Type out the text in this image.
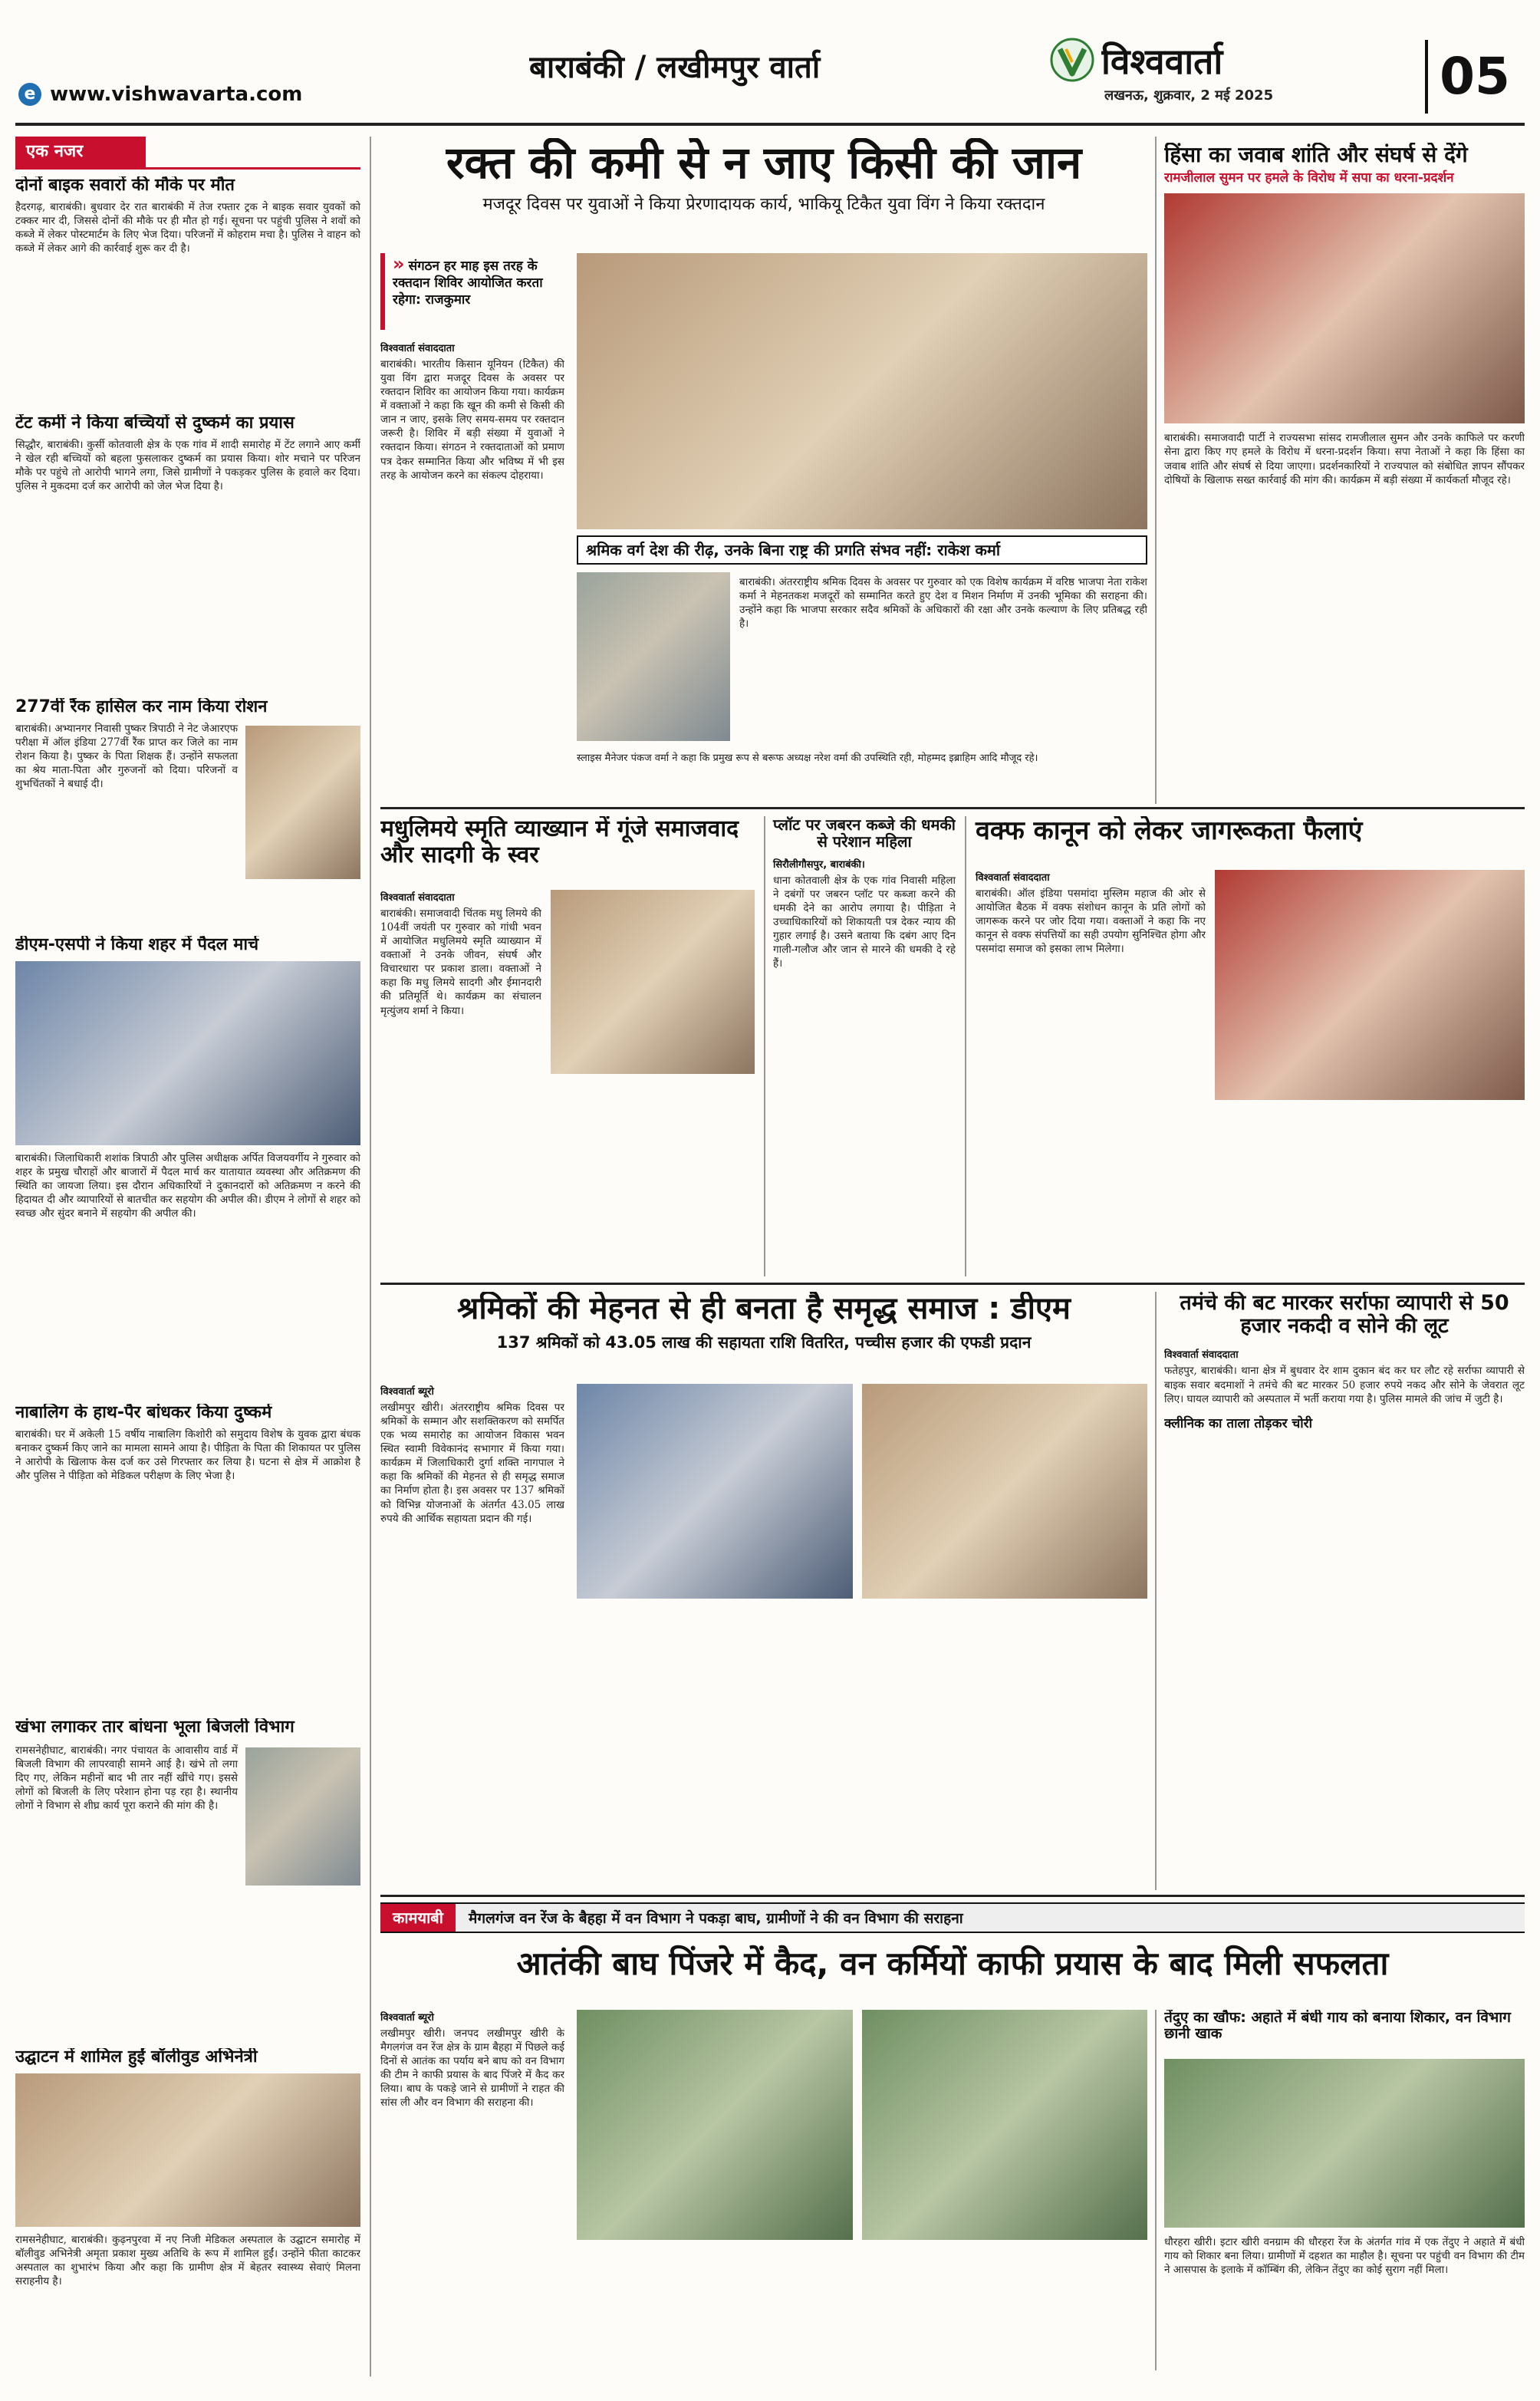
बाराबंकी / लखीमपुर वार्ता
e www.vishwavarta.com
विश्ववार्ता
लखनऊ, शुक्रवार, 2 मई 2025	05
एक नजर
दोनों बाइक सवारों की मौके पर मौत
हैदरगढ़, बाराबंकी। बुधवार देर रात बाराबंकी में तेज रफ्तार ट्रक ने बाइक सवार युवकों को टक्कर मार दी, जिससे दोनों की मौके पर ही मौत हो गई। सूचना पर पहुंची पुलिस ने शवों को कब्जे में लेकर पोस्टमार्टम के लिए भेज दिया। परिजनों में कोहराम मचा है। पुलिस ने वाहन को कब्जे में लेकर आगे की कार्रवाई शुरू कर दी है।
टेंट कर्मी ने किया बच्चियों से दुष्कर्म का प्रयास
सिद्धौर, बाराबंकी। कुर्सी कोतवाली क्षेत्र के एक गांव में शादी समारोह में टेंट लगाने आए कर्मी ने खेल रही बच्चियों को बहला फुसलाकर दुष्कर्म का प्रयास किया। शोर मचाने पर परिजन मौके पर पहुंचे तो आरोपी भागने लगा, जिसे ग्रामीणों ने पकड़कर पुलिस के हवाले कर दिया। पुलिस ने मुकदमा दर्ज कर आरोपी को जेल भेज दिया है।
277वीं रैंक हासिल कर नाम किया रोशन
बाराबंकी। अभ्यानगर निवासी पुष्कर त्रिपाठी ने नेट जेआरएफ परीक्षा में ऑल इंडिया 277वीं रैंक प्राप्त कर जिले का नाम रोशन किया है। पुष्कर के पिता शिक्षक हैं। उन्होंने सफलता का श्रेय माता-पिता और गुरुजनों को दिया। परिजनों व शुभचिंतकों ने बधाई दी।
डीएम-एसपी ने किया शहर में पैदल मार्च
बाराबंकी। जिलाधिकारी शशांक त्रिपाठी और पुलिस अधीक्षक अर्पित विजयवर्गीय ने गुरुवार को शहर के प्रमुख चौराहों और बाजारों में पैदल मार्च कर यातायात व्यवस्था और अतिक्रमण की स्थिति का जायजा लिया। इस दौरान अधिकारियों ने दुकानदारों को अतिक्रमण न करने की हिदायत दी और व्यापारियों से बातचीत कर सहयोग की अपील की। डीएम ने लोगों से शहर को स्वच्छ और सुंदर बनाने में सहयोग की अपील की।
नाबालिग के हाथ-पैर बांधकर किया दुष्कर्म
बाराबंकी। घर में अकेली 15 वर्षीय नाबालिग किशोरी को समुदाय विशेष के युवक द्वारा बंधक बनाकर दुष्कर्म किए जाने का मामला सामने आया है। पीड़िता के पिता की शिकायत पर पुलिस ने आरोपी के खिलाफ केस दर्ज कर उसे गिरफ्तार कर लिया है। घटना से क्षेत्र में आक्रोश है और पुलिस ने पीड़िता को मेडिकल परीक्षण के लिए भेजा है।
खंभा लगाकर तार बांधना भूला बिजली विभाग
रामसनेहीघाट, बाराबंकी। नगर पंचायत के आवासीय वार्ड में बिजली विभाग की लापरवाही सामने आई है। खंभे तो लगा दिए गए, लेकिन महीनों बाद भी तार नहीं खींचे गए। इससे लोगों को बिजली के लिए परेशान होना पड़ रहा है। स्थानीय लोगों ने विभाग से शीघ्र कार्य पूरा कराने की मांग की है।
उद्घाटन में शामिल हुईं बॉलीवुड अभिनेत्री
रामसनेहीघाट, बाराबंकी। कुढ़नपुरवा में नए निजी मेडिकल अस्पताल के उद्घाटन समारोह में बॉलीवुड अभिनेत्री अमृता प्रकाश मुख्य अतिथि के रूप में शामिल हुईं। उन्होंने फीता काटकर अस्पताल का शुभारंभ किया और कहा कि ग्रामीण क्षेत्र में बेहतर स्वास्थ्य सेवाएं मिलना सराहनीय है।
रक्त की कमी से न जाए किसी की जान
मजदूर दिवस पर युवाओं ने किया प्रेरणादायक कार्य, भाकियू टिकैत युवा विंग ने किया रक्तदान
» संगठन हर माह इस तरह के रक्तदान शिविर आयोजित करता रहेगा: राजकुमार
विश्ववार्ता संवाददाता
बाराबंकी। भारतीय किसान यूनियन (टिकैत) की युवा विंग द्वारा मजदूर दिवस के अवसर पर रक्तदान शिविर का आयोजन किया गया। कार्यक्रम में वक्ताओं ने कहा कि खून की कमी से किसी की जान न जाए, इसके लिए समय-समय पर रक्तदान जरूरी है। शिविर में बड़ी संख्या में युवाओं ने रक्तदान किया। संगठन ने रक्तदाताओं को प्रमाण पत्र देकर सम्मानित किया और भविष्य में भी इस तरह के आयोजन करने का संकल्प दोहराया।
श्रमिक वर्ग देश की रीढ़, उनके बिना राष्ट्र की प्रगति संभव नहीं: राकेश कर्मा
बाराबंकी। अंतरराष्ट्रीय श्रमिक दिवस के अवसर पर गुरुवार को एक विशेष कार्यक्रम में वरिष्ठ भाजपा नेता राकेश कर्मा ने मेहनतकश मजदूरों को सम्मानित करते हुए देश व मिशन निर्माण में उनकी भूमिका की सराहना की। उन्होंने कहा कि भाजपा सरकार सदैव श्रमिकों के अधिकारों की रक्षा और उनके कल्याण के लिए प्रतिबद्ध रही है।
स्लाइस मैनेजर पंकज वर्मा ने कहा कि प्रमुख रूप से बरूफ अध्यक्ष नरेश वर्मा की उपस्थिति रही, मोहम्मद इब्राहिम आदि मौजूद रहे।
हिंसा का जवाब शांति और संघर्ष से देंगे
रामजीलाल सुमन पर हमले के विरोध में सपा का धरना-प्रदर्शन
बाराबंकी। समाजवादी पार्टी ने राज्यसभा सांसद रामजीलाल सुमन और उनके काफिले पर करणी सेना द्वारा किए गए हमले के विरोध में धरना-प्रदर्शन किया। सपा नेताओं ने कहा कि हिंसा का जवाब शांति और संघर्ष से दिया जाएगा। प्रदर्शनकारियों ने राज्यपाल को संबोधित ज्ञापन सौंपकर दोषियों के खिलाफ सख्त कार्रवाई की मांग की। कार्यक्रम में बड़ी संख्या में कार्यकर्ता मौजूद रहे।
मधुलिमये स्मृति व्याख्यान में गूंजे समाजवाद और सादगी के स्वर
विश्ववार्ता संवाददाता
बाराबंकी। समाजवादी चिंतक मधु लिमये की 104वीं जयंती पर गुरुवार को गांधी भवन में आयोजित मधुलिमये स्मृति व्याख्यान में वक्ताओं ने उनके जीवन, संघर्ष और विचारधारा पर प्रकाश डाला। वक्ताओं ने कहा कि मधु लिमये सादगी और ईमानदारी की प्रतिमूर्ति थे। कार्यक्रम का संचालन मृत्युंजय शर्मा ने किया।
प्लॉट पर जबरन कब्जे की धमकी से परेशान महिला
सिरौलीगौसपुर, बाराबंकी।
धाना कोतवाली क्षेत्र के एक गांव निवासी महिला ने दबंगों पर जबरन प्लॉट पर कब्जा करने की धमकी देने का आरोप लगाया है। पीड़िता ने उच्चाधिकारियों को शिकायती पत्र देकर न्याय की गुहार लगाई है। उसने बताया कि दबंग आए दिन गाली-गलौज और जान से मारने की धमकी दे रहे हैं।
वक्फ कानून को लेकर जागरूकता फैलाएं
विश्ववार्ता संवाददाता
बाराबंकी। ऑल इंडिया पसमांदा मुस्लिम महाज की ओर से आयोजित बैठक में वक्फ संशोधन कानून के प्रति लोगों को जागरूक करने पर जोर दिया गया। वक्ताओं ने कहा कि नए कानून से वक्फ संपत्तियों का सही उपयोग सुनिश्चित होगा और पसमांदा समाज को इसका लाभ मिलेगा।
श्रमिकों की मेहनत से ही बनता है समृद्ध समाज : डीएम
137 श्रमिकों को 43.05 लाख की सहायता राशि वितरित, पच्चीस हजार की एफडी प्रदान
विश्ववार्ता ब्यूरो
लखीमपुर खीरी। अंतरराष्ट्रीय श्रमिक दिवस पर श्रमिकों के सम्मान और सशक्तिकरण को समर्पित एक भव्य समारोह का आयोजन विकास भवन स्थित स्वामी विवेकानंद सभागार में किया गया। कार्यक्रम में जिलाधिकारी दुर्गा शक्ति नागपाल ने कहा कि श्रमिकों की मेहनत से ही समृद्ध समाज का निर्माण होता है। इस अवसर पर 137 श्रमिकों को विभिन्न योजनाओं के अंतर्गत 43.05 लाख रुपये की आर्थिक सहायता प्रदान की गई।
तमंचे की बट मारकर सर्राफा व्यापारी से 50 हजार नकदी व सोने की लूट
विश्ववार्ता संवाददाता
फतेहपुर, बाराबंकी। थाना क्षेत्र में बुधवार देर शाम दुकान बंद कर घर लौट रहे सर्राफा व्यापारी से बाइक सवार बदमाशों ने तमंचे की बट मारकर 50 हजार रुपये नकद और सोने के जेवरात लूट लिए। घायल व्यापारी को अस्पताल में भर्ती कराया गया है। पुलिस मामले की जांच में जुटी है।
क्लीनिक का ताला तोड़कर चोरी
कामयाबी मैगलगंज वन रेंज के बैहहा में वन विभाग ने पकड़ा बाघ, ग्रामीणों ने की वन विभाग की सराहना
आतंकी बाघ पिंजरे में कैद, वन कर्मियों काफी प्रयास के बाद मिली सफलता
विश्ववार्ता ब्यूरो
लखीमपुर खीरी। जनपद लखीमपुर खीरी के मैगलगंज वन रेंज क्षेत्र के ग्राम बैहहा में पिछले कई दिनों से आतंक का पर्याय बने बाघ को वन विभाग की टीम ने काफी प्रयास के बाद पिंजरे में कैद कर लिया। बाघ के पकड़े जाने से ग्रामीणों ने राहत की सांस ली और वन विभाग की सराहना की।
तेंदुए का खौफ: अहाते में बंधी गाय को बनाया शिकार, वन विभाग छानी खाक
धौरहरा खीरी। इटार खीरी वनग्राम की धौरहरा रेंज के अंतर्गत गांव में एक तेंदुए ने अहाते में बंधी गाय को शिकार बना लिया। ग्रामीणों में दहशत का माहौल है। सूचना पर पहुंची वन विभाग की टीम ने आसपास के इलाके में कॉम्बिंग की, लेकिन तेंदुए का कोई सुराग नहीं मिला।
